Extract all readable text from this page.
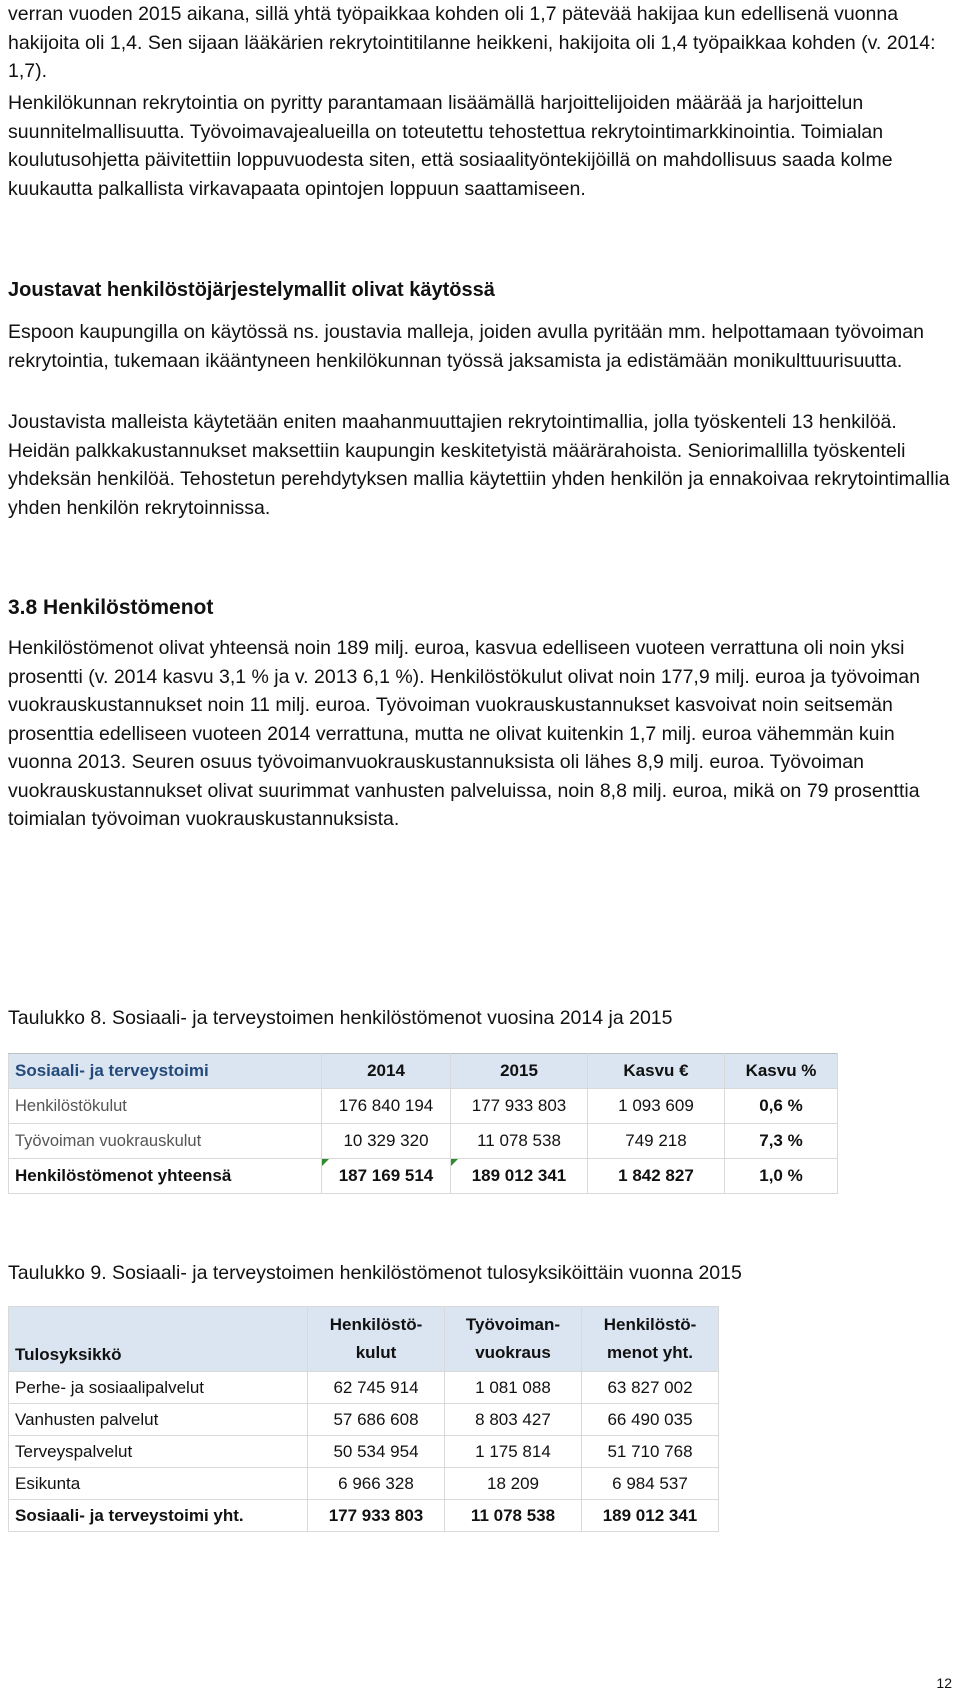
verran vuoden 2015 aikana, sillä yhtä työpaikkaa kohden oli 1,7 pätevää hakijaa kun edellisenä vuonna hakijoita oli 1,4. Sen sijaan lääkärien rekrytointitilanne heikkeni, hakijoita oli 1,4 työpaikkaa kohden (v. 2014: 1,7).

Henkilökunnan rekrytointia on pyritty parantamaan lisäämällä harjoittelijoiden määrää ja harjoittelun suunnitelmallisuutta. Työvoimavajealueilla on toteutettu tehostettua rekrytointimarkkinointia. Toimialan koulutusohjetta päivitettiin loppuvuodesta siten, että sosiaalityöntekijöillä on mahdollisuus saada kolme kuukautta palkallista virkavapaata opintojen loppuun saattamiseen.

Joustavat henkilöstöjärjestelymallit olivat käytössä

Espoon kaupungilla on käytössä ns. joustavia malleja, joiden avulla pyritään mm. helpottamaan työvoiman rekrytointia, tukemaan ikääntyneen henkilökunnan työssä jaksamista ja edistämään monikulttuurisuutta.

Joustavista malleista käytetään eniten maahanmuuttajien rekrytointimallia, jolla työskenteli 13 henkilöä. Heidän palkkakustannukset maksettiin kaupungin keskitetyistä määrärahoista. Seniorimallilla työskenteli yhdeksän henkilöä. Tehostetun perehdytyksen mallia käytettiin yhden henkilön ja ennakoivaa rekrytointimallia yhden henkilön rekrytoinnissa.

3.8 Henkilöstömenot

Henkilöstömenot olivat yhteensä noin 189 milj. euroa, kasvua edelliseen vuoteen verrattuna oli noin yksi prosentti (v. 2014 kasvu 3,1 % ja v. 2013 6,1 %). Henkilöstökulut olivat noin 177,9 milj. euroa ja työvoiman vuokrauskustannukset noin 11 milj. euroa. Työvoiman vuokrauskustannukset kasvoivat noin seitsemän prosenttia edelliseen vuoteen 2014 verrattuna, mutta ne olivat kuitenkin 1,7 milj. euroa vähemmän kuin vuonna 2013. Seuren osuus työvoimanvuokrauskustannuksista oli lähes 8,9 milj. euroa. Työvoiman vuokrauskustannukset olivat suurimmat vanhusten palveluissa, noin 8,8 milj. euroa, mikä on 79 prosenttia toimialan työvoiman vuokrauskustannuksista.

Taulukko 8. Sosiaali- ja terveystoimen henkilöstömenot vuosina 2014 ja 2015

Sosiaali- ja terveystoimi	2014	2015	Kasvu €	Kasvu %
Henkilöstökulut	176 840 194	177 933 803	1 093 609	0,6 %
Työvoiman vuokrauskulut	10 329 320	11 078 538	749 218	7,3 %
Henkilöstömenot yhteensä	187 169 514	189 012 341	1 842 827	1,0 %

Taulukko 9. Sosiaali- ja terveystoimen henkilöstömenot tulosyksiköittäin vuonna 2015

Tulosyksikkö	Henkilöstö-kulut	Työvoiman-vuokraus	Henkilöstö-menot yht.
Perhe- ja sosiaalipalvelut	62 745 914	1 081 088	63 827 002
Vanhusten palvelut	57 686 608	8 803 427	66 490 035
Terveyspalvelut	50 534 954	1 175 814	51 710 768
Esikunta	6 966 328	18 209	6 984 537
Sosiaali- ja terveystoimi yht.	177 933 803	11 078 538	189 012 341
12
